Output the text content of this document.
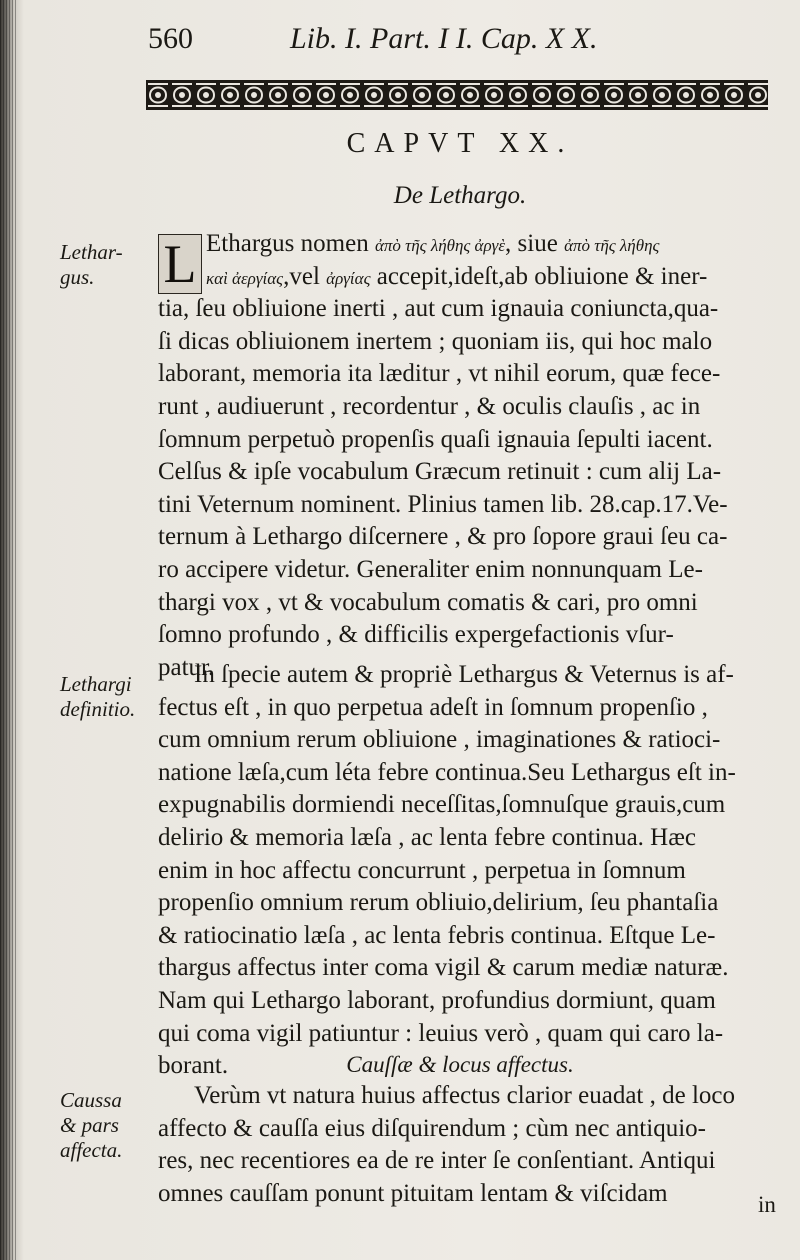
560	Lib. I. Part. I I. Cap. X X.
CAPVT XX.
De Lethargo.
Lethar-
gus.	L Ethargus nomen ἀπὸ τῆς λήθης ἀργὲ, siue ἀπὸ τῆς λήθης
καὶ ἀεργίας,vel ἀργίας accepit,ideſt,ab obliuione & iner-
tia, ſeu obliuione inerti , aut cum ignauia coniuncta,qua-
ſi dicas obliuionem inertem ; quoniam iis, qui hoc malo
laborant, memoria ita læditur , vt nihil eorum, quæ fece-
runt , audiuerunt , recordentur , & oculis clauſis , ac in
ſomnum perpetuò propenſis quaſi ignauia ſepulti iacent.
Celſus & ipſe vocabulum Græcum retinuit : cum alij La-
tini Veternum nominent. Plinius tamen lib. 28.cap.17.Ve-
ternum à Lethargo diſcernere , & pro ſopore graui ſeu ca-
ro accipere videtur. Generaliter enim nonnunquam Le-
thargi vox , vt & vocabulum comatis & cari, pro omni
ſomno profundo , & difficilis expergefactionis vſur-
patur.
Lethargi
definitio.
In ſpecie autem & propriè Lethargus & Veternus is af-
fectus eſt , in quo perpetua adeſt in ſomnum propenſio ,
cum omnium rerum obliuione , imaginationes & ratioci-
natione læſa,cum léta febre continua.Seu Lethargus eſt in-
expugnabilis dormiendi neceſſitas,ſomnuſque grauis,cum
delirio & memoria læſa , ac lenta febre continua. Hæc
enim in hoc affectu concurrunt , perpetua in ſomnum
propenſio omnium rerum obliuio,delirium, ſeu phantaſia
& ratiocinatio læſa , ac lenta febris continua. Eſtque Le-
thargus affectus inter coma vigil & carum mediæ naturæ.
Nam qui Lethargo laborant, profundius dormiunt, quam
qui coma vigil patiuntur : leuius verò , quam qui caro la-
borant.	Cauſſæ & locus affectus.
Caussa
& pars
affecta.
Verùm vt natura huius affectus clarior euadat , de loco
affecto & cauſſa eius diſquirendum ; cùm nec antiquio-
res, nec recentiores ea de re inter ſe conſentiant. Antiqui
omnes cauſſam ponunt pituitam lentam & viſcidam	in
